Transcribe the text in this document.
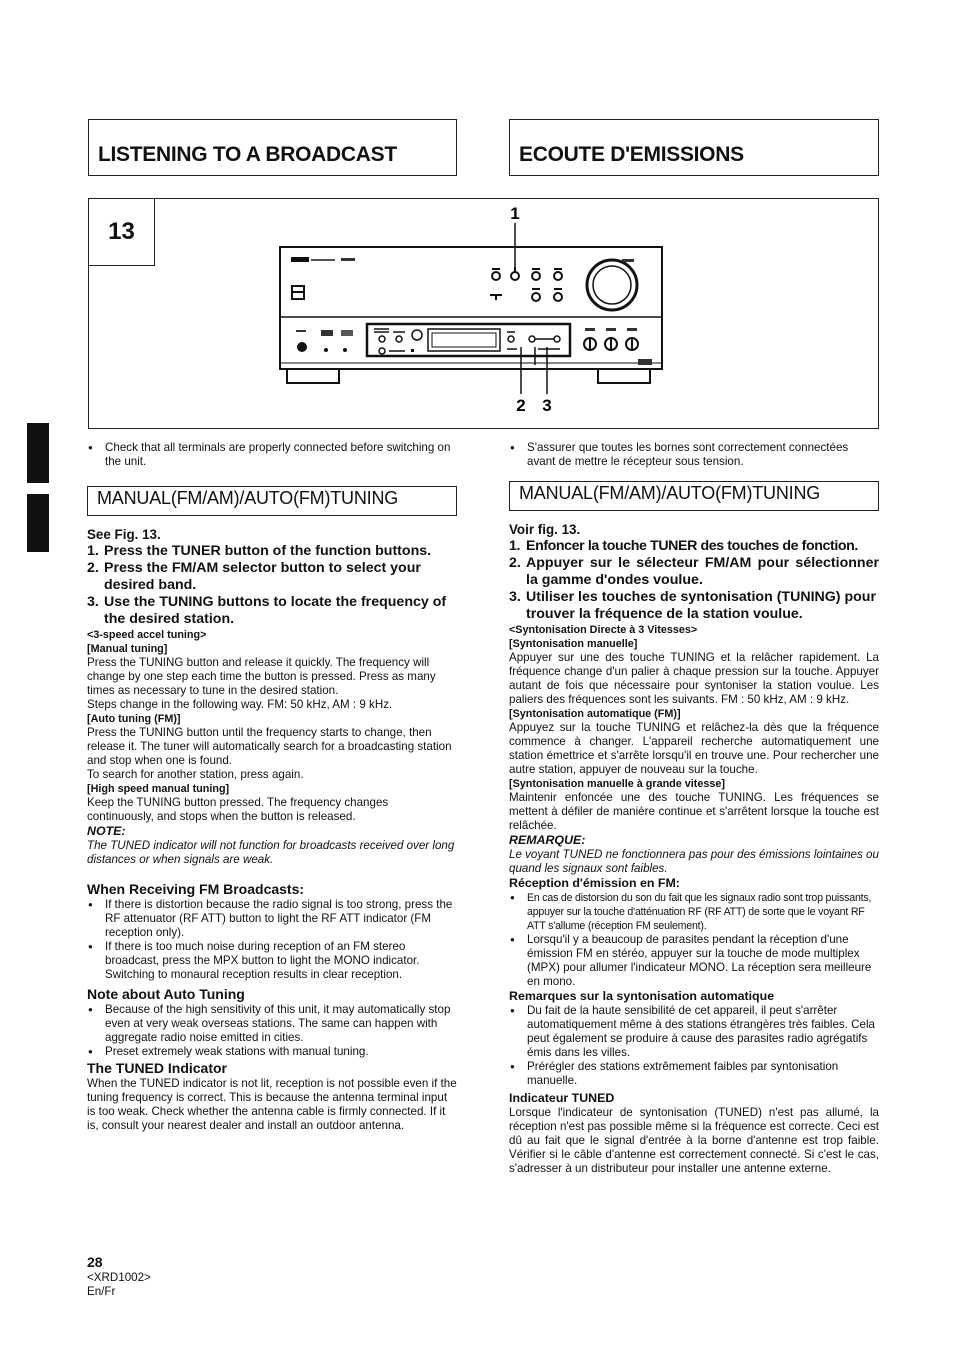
LISTENING TO A BROADCAST	ECOUTE D'EMISSIONS
13
1
2 3
● Check that all terminals are properly connected before switching on the unit.
MANUAL(FM/AM)/AUTO(FM)TUNING
See Fig. 13.
1. Press the TUNER button of the function buttons.
2. Press the FM/AM selector button to select your desired band.
3. Use the TUNING buttons to locate the frequency of the desired station.
<3-speed accel tuning>
[Manual tuning]
Press the TUNING button and release it quickly. The frequency will change by one step each time the button is pressed. Press as many times as necessary to tune in the desired station.
Steps change in the following way. FM: 50 kHz, AM : 9 kHz.
[Auto tuning (FM)]
Press the TUNING button until the frequency starts to change, then release it. The tuner will automatically search for a broadcasting station and stop when one is found.
To search for another station, press again.
[High speed manual tuning]
Keep the TUNING button pressed. The frequency changes continuously, and stops when the button is released.
NOTE:
The TUNED indicator will not function for broadcasts received over long distances or when signals are weak.
When Receiving FM Broadcasts:
● If there is distortion because the radio signal is too strong, press the RF attenuator (RF ATT) button to light the RF ATT indicator (FM reception only).
● If there is too much noise during reception of an FM stereo broadcast, press the MPX button to light the MONO indicator. Switching to monaural reception results in clear reception.
Note about Auto Tuning
● Because of the high sensitivity of this unit, it may automatically stop even at very weak overseas stations. The same can happen with aggregate radio noise emitted in cities.
● Preset extremely weak stations with manual tuning.
The TUNED Indicator
When the TUNED indicator is not lit, reception is not possible even if the tuning frequency is correct. This is because the antenna terminal input is too weak. Check whether the antenna cable is firmly connected. If it is, consult your nearest dealer and install an outdoor antenna.
● S'assurer que toutes les bornes sont correctement connectées avant de mettre le récepteur sous tension.
MANUAL(FM/AM)/AUTO(FM)TUNING
Voir fig. 13.
1. Enfoncer la touche TUNER des touches de fonction.
2. Appuyer sur le sélecteur FM/AM pour sélectionner la gamme d'ondes voulue.
3. Utiliser les touches de syntonisation (TUNING) pour trouver la fréquence de la station voulue.
<Syntonisation Directe à 3 Vitesses>
[Syntonisation manuelle]
Appuyer sur une des touche TUNING et la relâcher rapidement. La fréquence change d'un palier à chaque pression sur la touche. Appuyer autant de fois que nécessaire pour syntoniser la station voulue. Les paliers des fréquences sont les suivants. FM : 50 kHz, AM : 9 kHz.
[Syntonisation automatique (FM)]
Appuyez sur la touche TUNING et relâchez-la dès que la fréquence commence à changer. L'appareil recherche automatiquement une station émettrice et s'arrête lorsqu'il en trouve une. Pour rechercher une autre station, appuyer de nouveau sur la touche.
[Syntonisation manuelle à grande vitesse]
Maintenir enfoncée une des touche TUNING. Les fréquences se mettent à défiler de manière continue et s'arrêtent lorsque la touche est relâchée.
REMARQUE:
Le voyant TUNED ne fonctionnera pas pour des émissions lointaines ou quand les signaux sont faibles.
Réception d'émission en FM:
● En cas de distorsion du son du fait que les signaux radio sont trop puissants, appuyer sur la touche d'atténuation RF (RF ATT) de sorte que le voyant RF ATT s'allume (réception FM seulement).
● Lorsqu'il y a beaucoup de parasites pendant la réception d'une émission FM en stéréo, appuyer sur la touche de mode multiplex (MPX) pour allumer l'indicateur MONO. La réception sera meilleure en mono.
Remarques sur la syntonisation automatique
● Du fait de la haute sensibilité de cet appareil, il peut s'arrêter automatiquement même à des stations étrangères très faibles. Cela peut également se produire à cause des parasites radio agrégatifs émis dans les villes.
● Prérégler des stations extrêmement faibles par syntonisation manuelle.
Indicateur TUNED
Lorsque l'indicateur de syntonisation (TUNED) n'est pas allumé, la réception n'est pas possible même si la fréquence est correcte. Ceci est dû au fait que le signal d'entrée à la borne d'antenne est trop faible. Vérifier si le câble d'antenne est correctement connecté. Si c'est le cas, s'adresser à un distributeur pour installer une antenne externe.
28
<XRD1002>
En/Fr
